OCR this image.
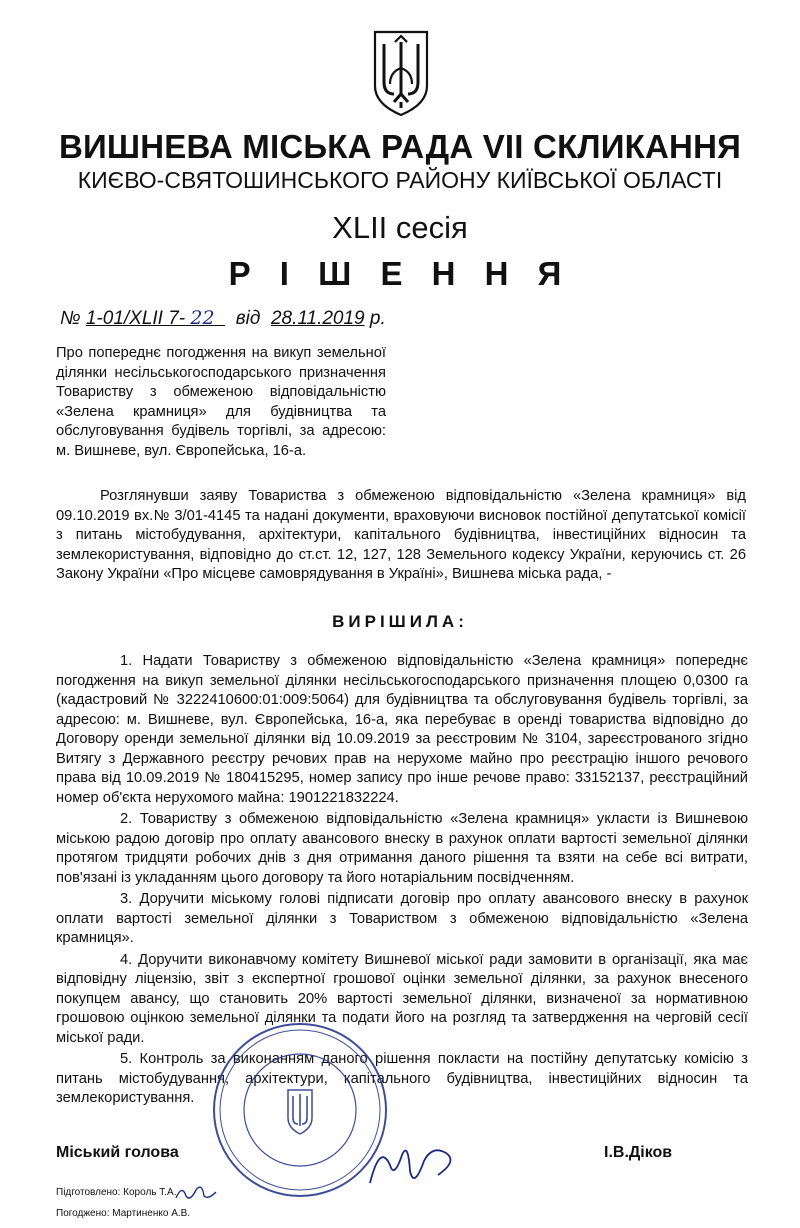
ВИШНЕВА МІСЬКА РАДА VII СКЛИКАННЯ
КИЄВО-СВЯТОШИНСЬКОГО РАЙОНУ КИЇВСЬКОЇ ОБЛАСТІ
XLII сесія
Р І Ш Е Н Н Я
№ 1-01/XLII 7- 22 від 28.11.2019 р.
Про попереднє погодження на викуп земельної ділянки несільськогосподарського призначення Товариству з обмеженою відповідальністю «Зелена крамниця» для будівництва та обслуговування будівель торгівлі, за адресою: м. Вишневе, вул. Європейська, 16-а.
Розглянувши заяву Товариства з обмеженою відповідальністю «Зелена крамниця» від 09.10.2019 вх.№ 3/01-4145 та надані документи, враховуючи висновок постійної депутатської комісії з питань містобудування, архітектури, капітального будівництва, інвестиційних відносин та землекористування, відповідно до ст.ст. 12, 127, 128 Земельного кодексу України, керуючись ст. 26 Закону України «Про місцеве самоврядування в Україні», Вишнева міська рада, -
ВИРІШИЛА:

1. Надати Товариству з обмеженою відповідальністю «Зелена крамниця» попереднє погодження на викуп земельної ділянки несільськогосподарського призначення площею 0,0300 га (кадастровий № 3222410600:01:009:5064) для будівництва та обслуговування будівель торгівлі, за адресою: м. Вишневе, вул. Європейська, 16-а, яка перебуває в оренді товариства відповідно до Договору оренди земельної ділянки від 10.09.2019 за реєстровим № 3104, зареєстрованого згідно Витягу з Державного реєстру речових прав на нерухоме майно про реєстрацію іншого речового права від 10.09.2019 № 180415295, номер запису про інше речове право: 33152137, реєстраційний номер об'єкта нерухомого майна: 1901221832224.

2. Товариству з обмеженою відповідальністю «Зелена крамниця» укласти із Вишневою міською радою договір про оплату авансового внеску в рахунок оплати вартості земельної ділянки протягом тридцяти робочих днів з дня отримання даного рішення та взяти на себе всі витрати, пов'язані із укладанням цього договору та його нотаріальним посвідченням.

3. Доручити міському голові підписати договір про оплату авансового внеску в рахунок оплати вартості земельної ділянки з Товариством з обмеженою відповідальністю «Зелена крамниця».

4. Доручити виконавчому комітету Вишневої міської ради замовити в організації, яка має відповідну ліцензію, звіт з експертної грошової оцінки земельної ділянки, за рахунок внесеного покупцем авансу, що становить 20% вартості земельної ділянки, визначеної за нормативною грошовою оцінкою земельної ділянки та подати його на розгляд та затвердження на черговій сесії міської ради.

5. Контроль за виконанням даного рішення покласти на постійну депутатську комісію з питань містобудування, архітектури, капітального будівництва, інвестиційних відносин та землекористування.

Міський голова	І.В.Діков
Підготовлено: Король Т.А.
Погоджено: Мартиненко А.В.
